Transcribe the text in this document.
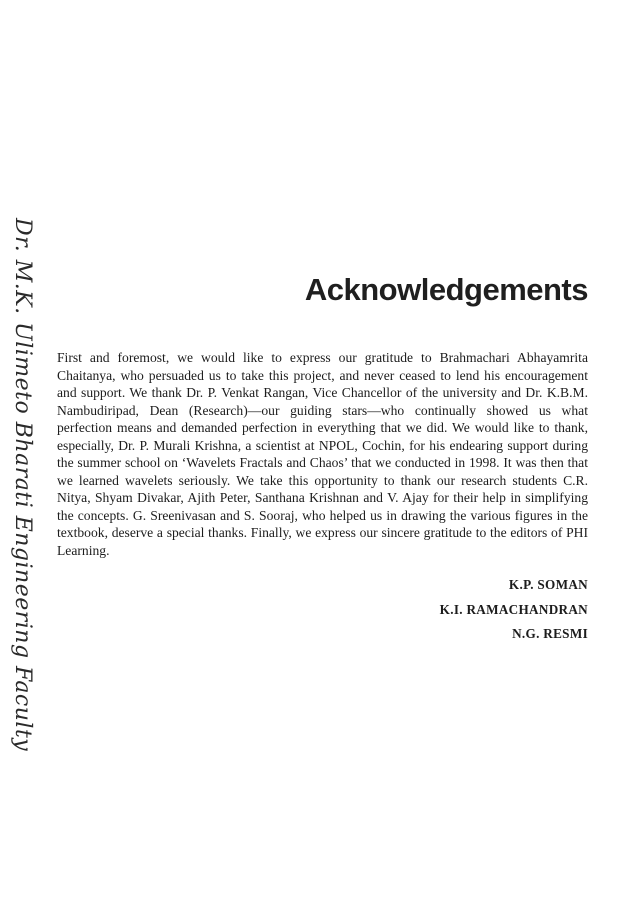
Dr. M.K. Ulimeto Bharati Engineering Faculty	Acknowledgements

First and foremost, we would like to express our gratitude to Brahmachari Abhayamrita Chaitanya, who persuaded us to take this project, and never ceased to lend his encouragement and support. We thank Dr. P. Venkat Rangan, Vice Chancellor of the university and Dr. K.B.M. Nambudiripad, Dean (Research)—our guiding stars—who continually showed us what perfection means and demanded perfection in everything that we did. We would like to thank, especially, Dr. P. Murali Krishna, a scientist at NPOL, Cochin, for his endearing support during the summer school on ‘Wavelets Fractals and Chaos’ that we conducted in 1998. It was then that we learned wavelets seriously. We take this opportunity to thank our research students C.R. Nitya, Shyam Divakar, Ajith Peter, Santhana Krishnan and V. Ajay for their help in simplifying the concepts. G. Sreenivasan and S. Sooraj, who helped us in drawing the various figures in the textbook, deserve a special thanks. Finally, we express our sincere gratitude to the editors of PHI Learning.

K.P. SOMAN
K.I. RAMACHANDRAN
N.G. RESMI
